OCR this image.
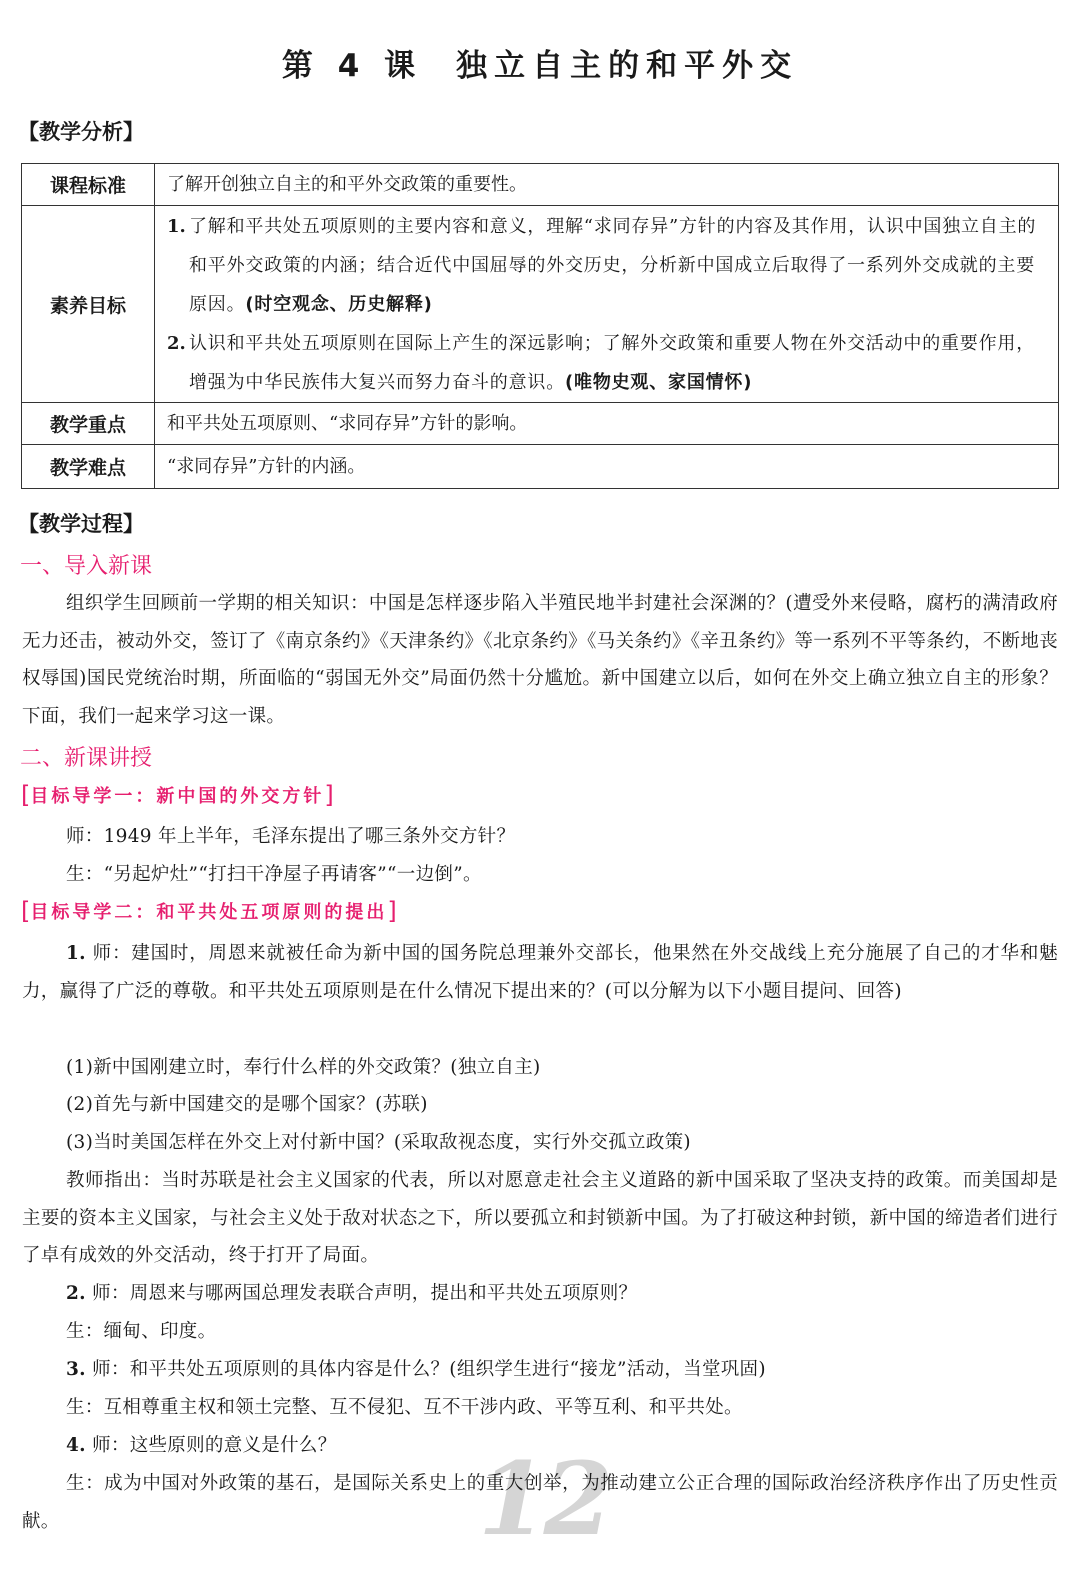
第 4 课 独立自主的和平外交
【教学分析】
课程标准	了解开创独立自主的和平外交政策的重要性。
素养目标	1. 了解和平共处五项原则的主要内容和意义，理解“求同存异”方针的内容及其作用，认识中国独立自主的和平外交政策的内涵；结合近代中国屈辱的外交历史，分析新中国成立后取得了一系列外交成就的主要原因。(时空观念、历史解释)
2. 认识和平共处五项原则在国际上产生的深远影响；了解外交政策和重要人物在外交活动中的重要作用，增强为中华民族伟大复兴而努力奋斗的意识。(唯物史观、家国情怀)

教学重点	和平共处五项原则、“求同存异”方针的影响。
教学难点	“求同存异”方针的内涵。
【教学过程】
一、导入新课
组织学生回顾前一学期的相关知识：中国是怎样逐步陷入半殖民地半封建社会深渊的？(遭受外来侵略，腐朽的满清政府无力还击，被动外交，签订了《南京条约》《天津条约》《北京条约》《马关条约》《辛丑条约》等一系列不平等条约，不断地丧权辱国)国民党统治时期，所面临的“弱国无外交”局面仍然十分尴尬。新中国建立以后，如何在外交上确立独立自主的形象？下面，我们一起来学习这一课。
二、新课讲授
[目标导学一：新中国的外交方针]
师：1949 年上半年，毛泽东提出了哪三条外交方针？
生：“另起炉灶”“打扫干净屋子再请客”“一边倒”。
[目标导学二：和平共处五项原则的提出]
1. 师：建国时，周恩来就被任命为新中国的国务院总理兼外交部长，他果然在外交战线上充分施展了自己的才华和魅力，赢得了广泛的尊敬。和平共处五项原则是在什么情况下提出来的？(可以分解为以下小题目提问、回答)
(1)新中国刚建立时，奉行什么样的外交政策？(独立自主)
(2)首先与新中国建交的是哪个国家？(苏联)
(3)当时美国怎样在外交上对付新中国？(采取敌视态度，实行外交孤立政策)
教师指出：当时苏联是社会主义国家的代表，所以对愿意走社会主义道路的新中国采取了坚决支持的政策。而美国却是主要的资本主义国家，与社会主义处于敌对状态之下，所以要孤立和封锁新中国。为了打破这种封锁，新中国的缔造者们进行了卓有成效的外交活动，终于打开了局面。
2. 师：周恩来与哪两国总理发表联合声明，提出和平共处五项原则？
生：缅甸、印度。
3. 师：和平共处五项原则的具体内容是什么？(组织学生进行“接龙”活动，当堂巩固)
生：互相尊重主权和领土完整、互不侵犯、互不干涉内政、平等互利、和平共处。
4. 师：这些原则的意义是什么？	12
生：成为中国对外政策的基石，是国际关系史上的重大创举，为推动建立公正合理的国际政治经济秩序作出了历史性贡献。
